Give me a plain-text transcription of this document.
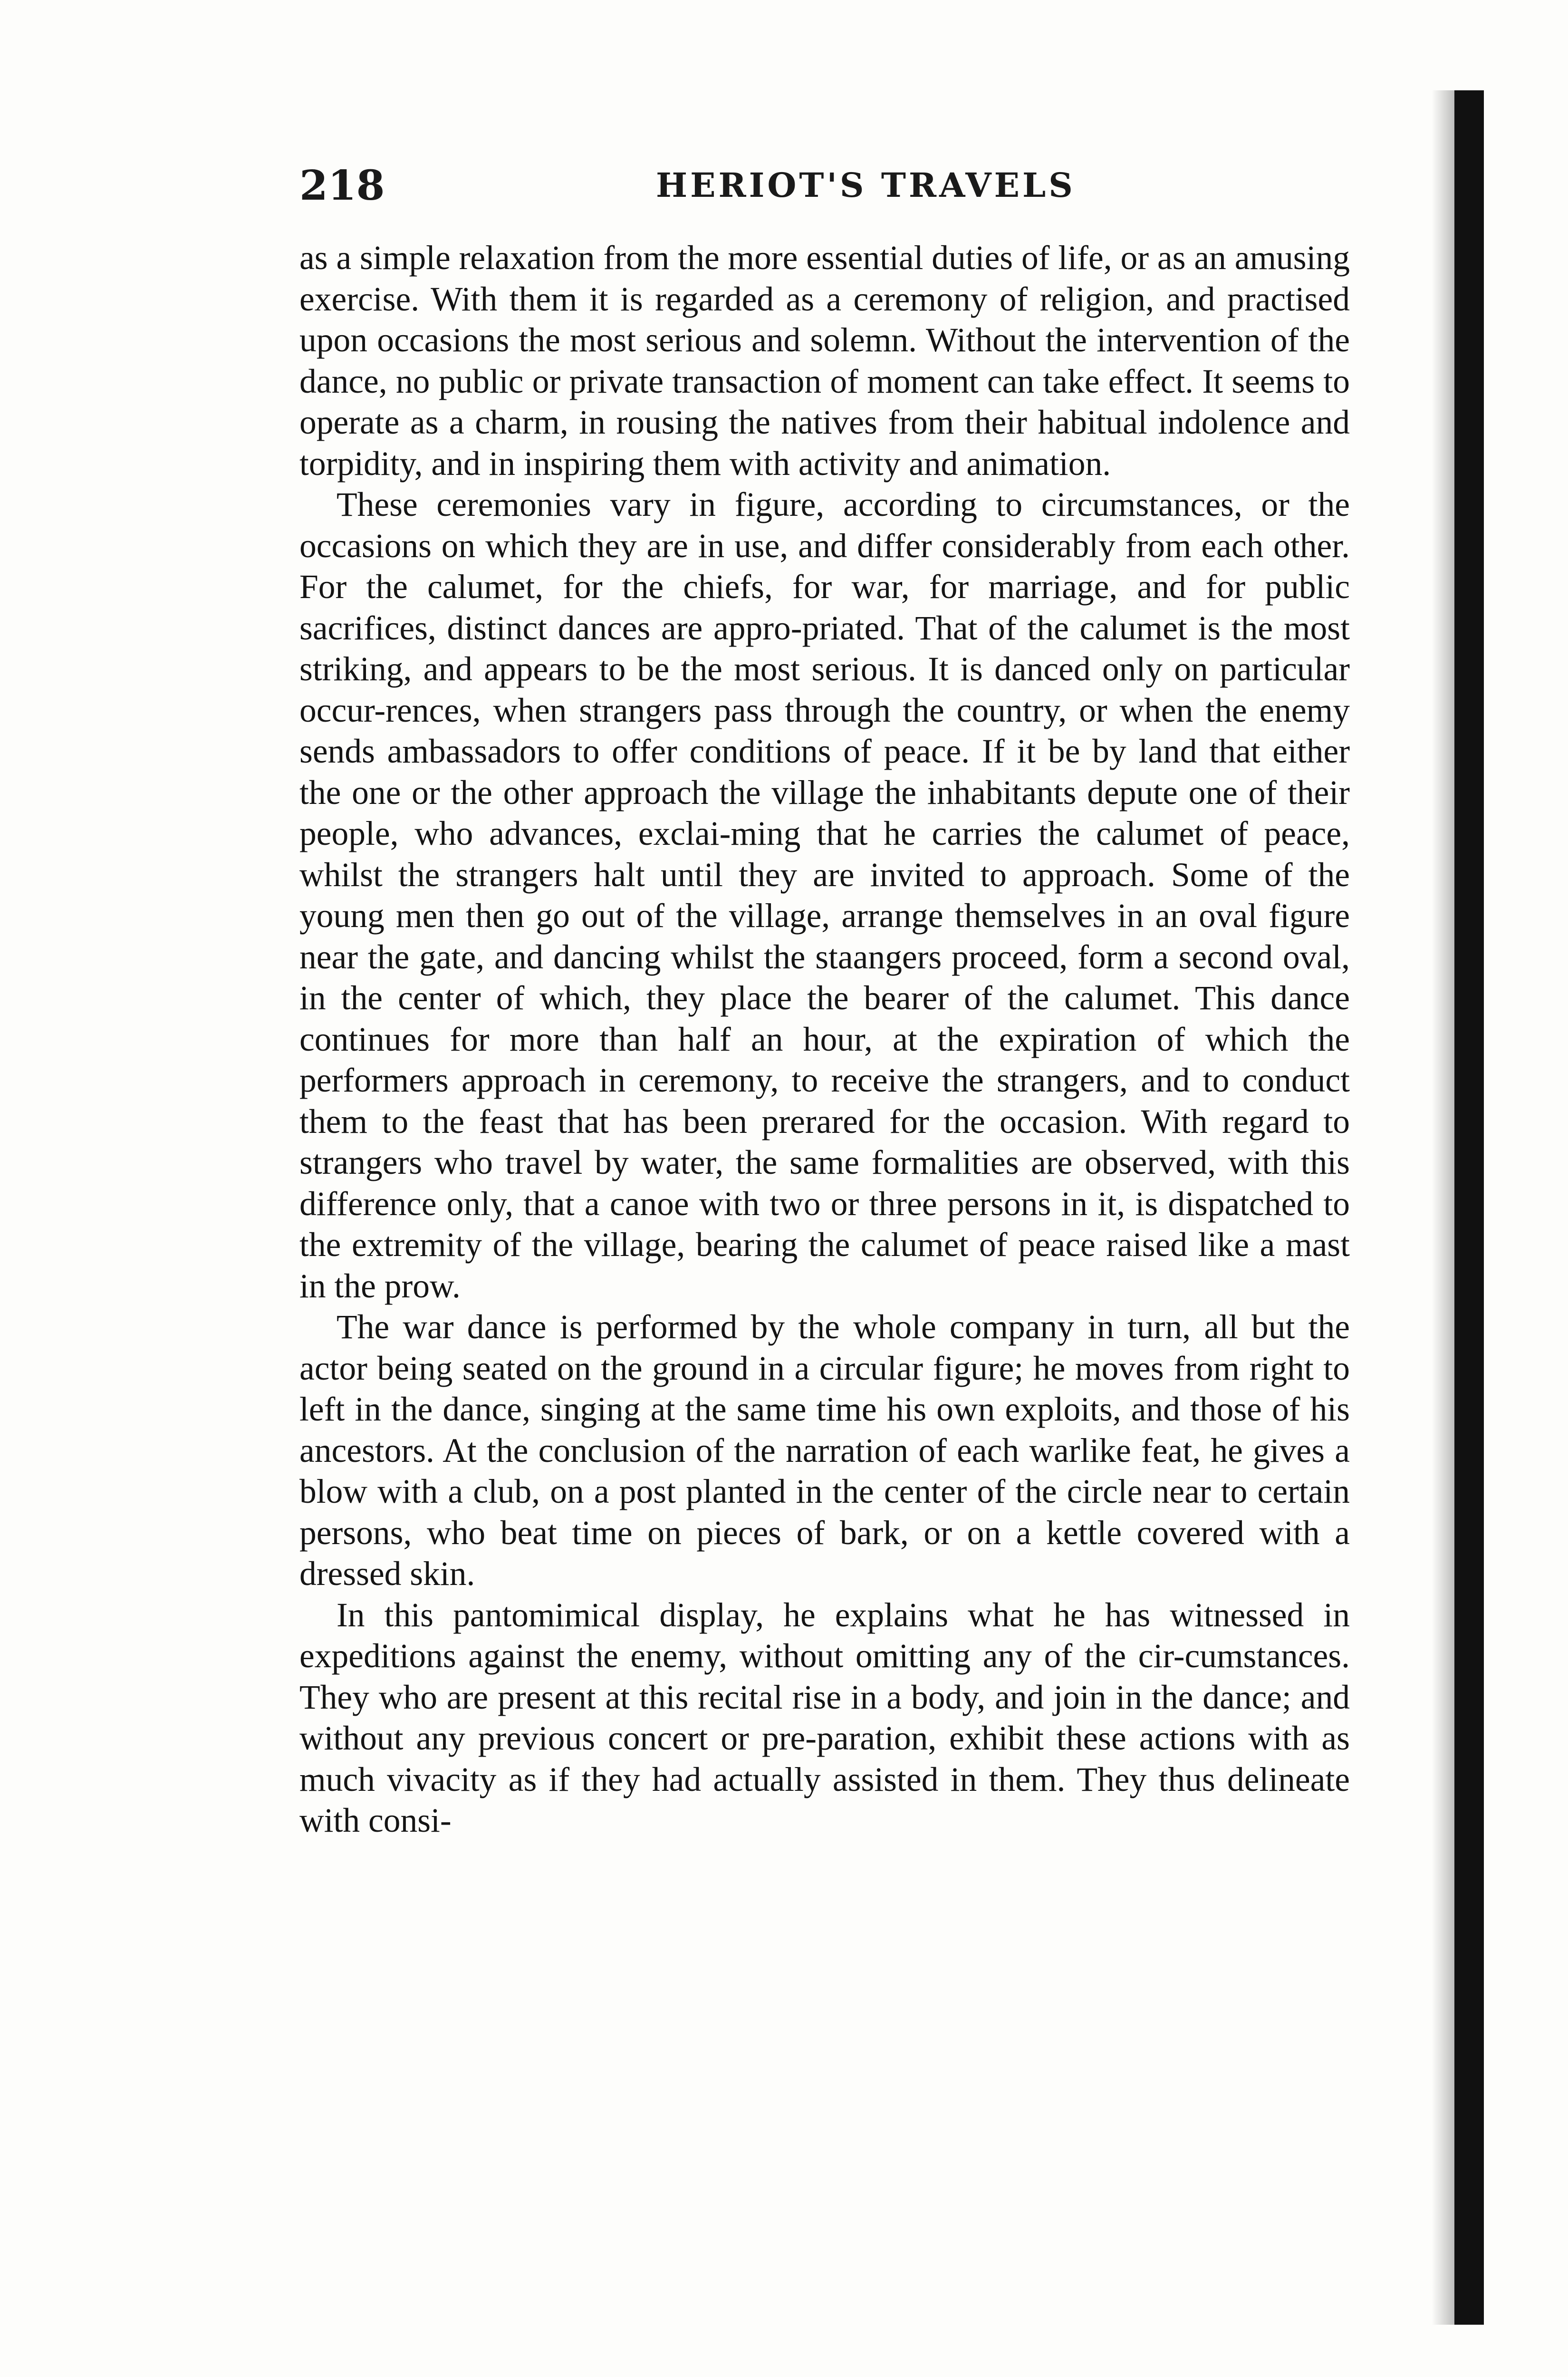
218	HERIOT'S TRAVELS

as a simple relaxation from the more essential duties of life, or as an amusing exercise. With them it is regarded as a ceremony of religion, and practised upon occasions the most serious and solemn. Without the intervention of the dance, no public or private transaction of moment can take effect. It seems to operate as a charm, in rousing the natives from their habitual indolence and torpidity, and in inspiring them with activity and animation.

These ceremonies vary in figure, according to circumstances, or the occasions on which they are in use, and differ considerably from each other. For the calumet, for the chiefs, for war, for marriage, and for public sacrifices, distinct dances are appro-priated. That of the calumet is the most striking, and appears to be the most serious. It is danced only on particular occur-rences, when strangers pass through the country, or when the enemy sends ambassadors to offer conditions of peace. If it be by land that either the one or the other approach the village the inhabitants depute one of their people, who advances, exclai-ming that he carries the calumet of peace, whilst the strangers halt until they are invited to approach. Some of the young men then go out of the village, arrange themselves in an oval figure near the gate, and dancing whilst the staangers proceed, form a second oval, in the center of which, they place the bearer of the calumet. This dance continues for more than half an hour, at the expiration of which the performers approach in ceremony, to receive the strangers, and to conduct them to the feast that has been prerared for the occasion. With regard to strangers who travel by water, the same formalities are observed, with this difference only, that a canoe with two or three persons in it, is dispatched to the extremity of the village, bearing the calumet of peace raised like a mast in the prow.

The war dance is performed by the whole company in turn, all but the actor being seated on the ground in a circular figure; he moves from right to left in the dance, singing at the same time his own exploits, and those of his ancestors. At the conclusion of the narration of each warlike feat, he gives a blow with a club, on a post planted in the center of the circle near to certain persons, who beat time on pieces of bark, or on a kettle covered with a dressed skin.

In this pantomimical display, he explains what he has witnessed in expeditions against the enemy, without omitting any of the cir-cumstances. They who are present at this recital rise in a body, and join in the dance; and without any previous concert or pre-paration, exhibit these actions with as much vivacity as if they had actually assisted in them. They thus delineate with consi-
